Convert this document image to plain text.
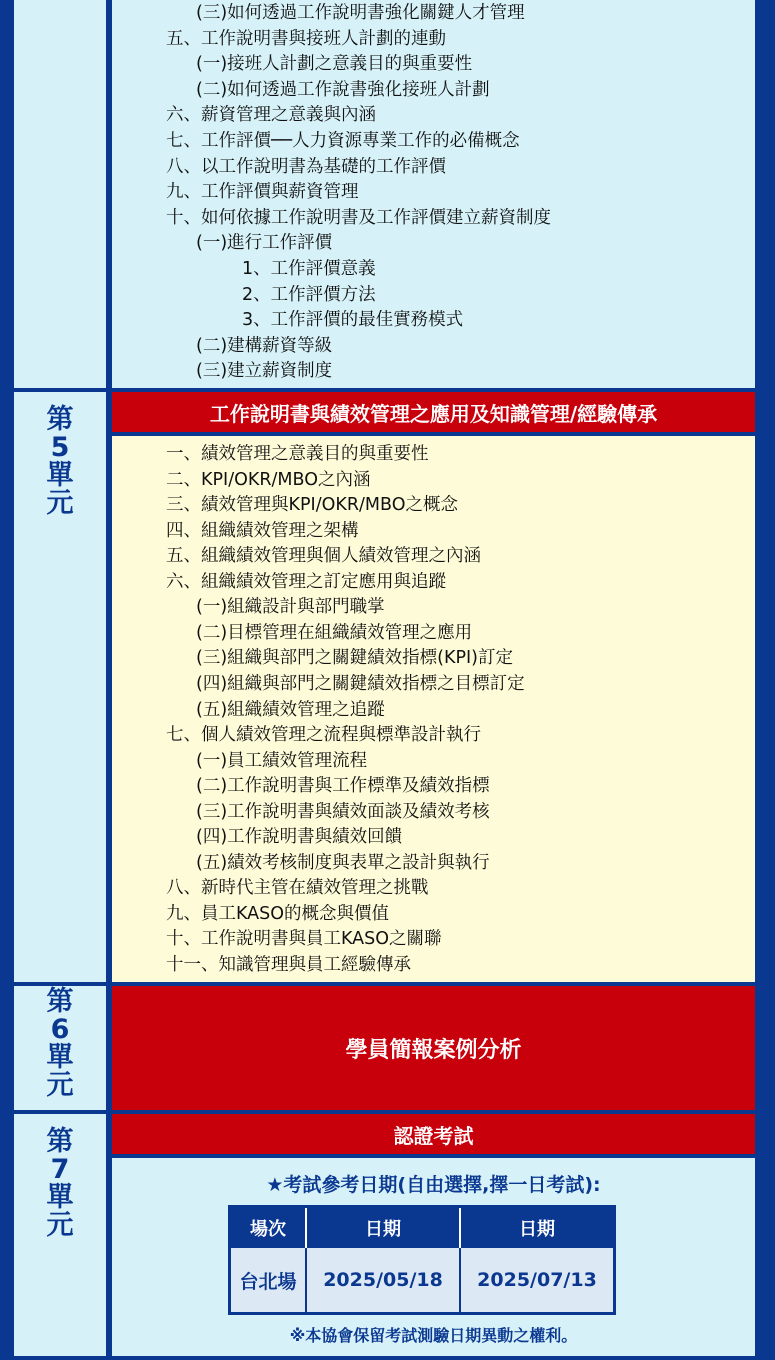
(三)如何透過工作說明書強化關鍵人才管理
五、工作說明書與接班人計劃的連動
(一)接班人計劃之意義目的與重要性
(二)如何透過工作說書強化接班人計劃
六、薪資管理之意義與內涵
七、工作評價──人力資源專業工作的必備概念
八、以工作說明書為基礎的工作評價
九、工作評價與薪資管理
十、如何依據工作說明書及工作評價建立薪資制度
(一)進行工作評價
1、工作評價意義
2、工作評價方法
3、工作評價的最佳實務模式
(二)建構薪資等級
(三)建立薪資制度
第
5
單
元
工作說明書與績效管理之應用及知識管理/經驗傳承
一、績效管理之意義目的與重要性
二、KPI/OKR/MBO之內涵
三、績效管理與KPI/OKR/MBO之概念
四、組織績效管理之架構
五、組織績效管理與個人績效管理之內涵
六、組織績效管理之訂定應用與追蹤
(一)組織設計與部門職掌
(二)目標管理在組織績效管理之應用
(三)組織與部門之關鍵績效指標(KPI)訂定
(四)組織與部門之關鍵績效指標之目標訂定
(五)組織績效管理之追蹤
七、個人績效管理之流程與標準設計執行
(一)員工績效管理流程
(二)工作說明書與工作標準及績效指標
(三)工作說明書與績效面談及績效考核
(四)工作說明書與績效回饋
(五)績效考核制度與表單之設計與執行
八、新時代主管在績效管理之挑戰
九、員工KASO的概念與價值
十、工作說明書與員工KASO之關聯
十一、知識管理與員工經驗傳承
第
6
單
元
學員簡報案例分析
第
7
單
元
認證考試
★考試參考日期(自由選擇,擇一日考試):
場次	日期	日期
台北場	2025/05/18	2025/07/13
※本協會保留考試測驗日期異動之權利。
